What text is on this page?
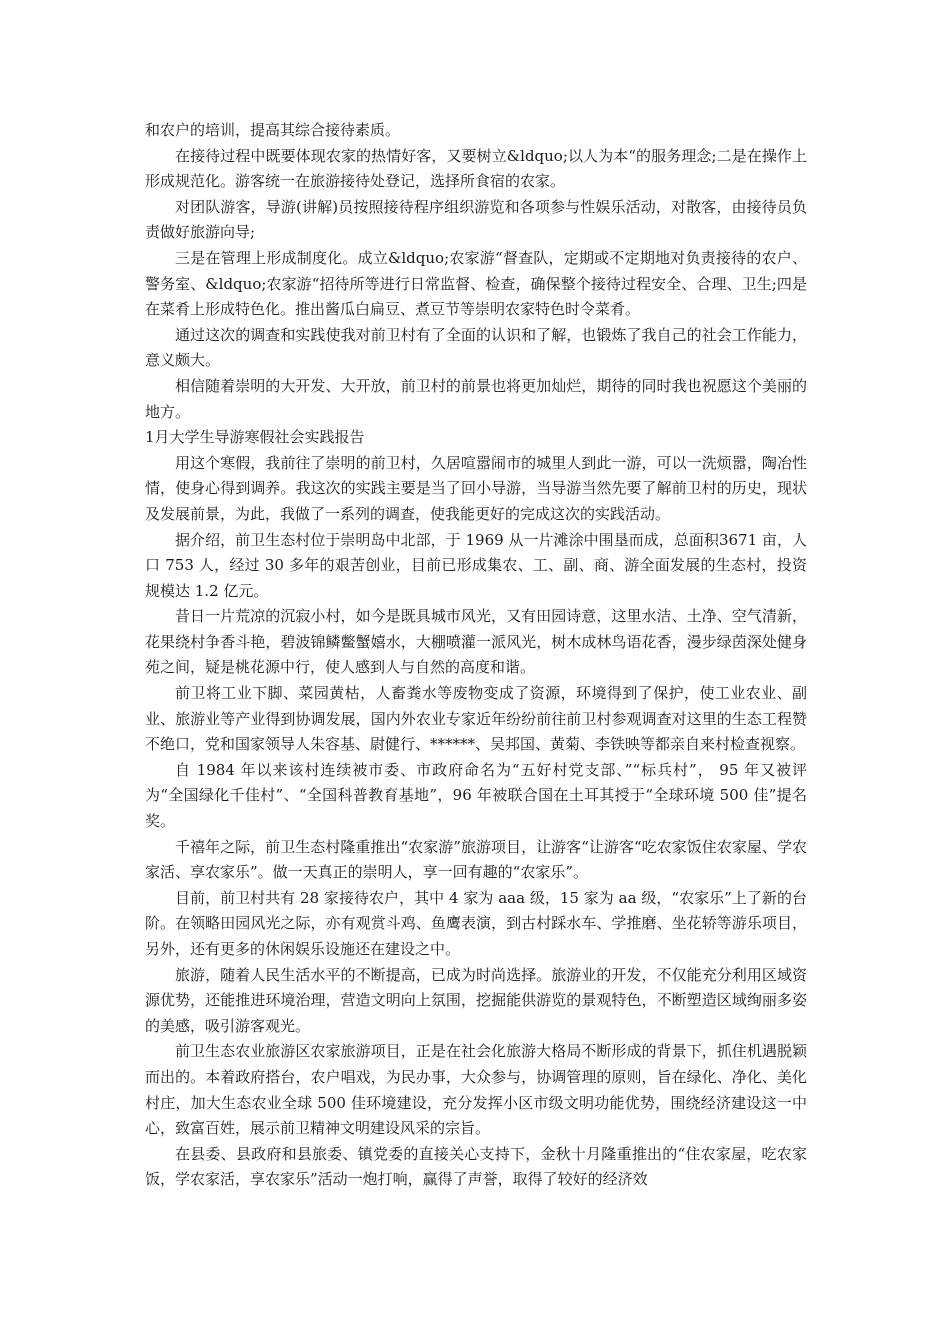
和农户的培训，提高其综合接待素质。

在接待过程中既要体现农家的热情好客，又要树立&ldquo;以人为本“的服务理念;二是在操作上形成规范化。游客统一在旅游接待处登记，选择所食宿的农家。

对团队游客，导游(讲解)员按照接待程序组织游览和各项参与性娱乐活动，对散客，由接待员负责做好旅游向导;

三是在管理上形成制度化。成立&ldquo;农家游“督查队，定期或不定期地对负责接待的农户、警务室、&ldquo;农家游“招待所等进行日常监督、检查，确保整个接待过程安全、合理、卫生;四是在菜肴上形成特色化。推出酱瓜白扁豆、煮豆节等崇明农家特色时令菜肴。

通过这次的调查和实践使我对前卫村有了全面的认识和了解，也锻炼了我自己的社会工作能力，意义颇大。

相信随着崇明的大开发、大开放，前卫村的前景也将更加灿烂，期待的同时我也祝愿这个美丽的地方。

1月大学生导游寒假社会实践报告

用这个寒假，我前往了崇明的前卫村，久居喧嚣闹市的城里人到此一游，可以一洗烦嚣，陶冶性情，使身心得到调养。我这次的实践主要是当了回小导游，当导游当然先要了解前卫村的历史，现状及发展前景，为此，我做了一系列的调查，使我能更好的完成这次的实践活动。

据介绍，前卫生态村位于崇明岛中北部，于 1969 从一片滩涂中围垦而成，总面积3671 亩，人口 753 人，经过 30 多年的艰苦创业，目前已形成集农、工、副、商、游全面发展的生态村，投资规模达 1.2 亿元。

昔日一片荒凉的沉寂小村，如今是既具城市风光，又有田园诗意，这里水洁、土净、空气清新，花果绕村争香斗艳，碧波锦鳞鳖蟹嬉水，大棚喷灌一派风光，树木成林鸟语花香，漫步绿茵深处健身苑之间，疑是桃花源中行，使人感到人与自然的高度和谐。

前卫将工业下脚、菜园黄枯，人畜粪水等废物变成了资源，环境得到了保护，使工业农业、副业、旅游业等产业得到协调发展，国内外农业专家近年纷纷前往前卫村参观调查对这里的生态工程赞不绝口，党和国家领导人朱容基、尉健行、******、吴邦国、黄菊、李铁映等都亲自来村检查视察。

自 1984 年以来该村连续被市委、市政府命名为“五好村党支部、”“标兵村”， 95 年又被评为“全国绿化千佳村”、“全国科普教育基地”，96 年被联合国在土耳其授于“全球环境 500 佳”提名奖。

千禧年之际，前卫生态村隆重推出“农家游”旅游项目，让游客“让游客“吃农家饭住农家屋、学农家活、享农家乐”。做一天真正的崇明人，享一回有趣的“农家乐”。

目前，前卫村共有 28 家接待农户，其中 4 家为 aaa 级，15 家为 aa 级，“农家乐”上了新的台阶。在领略田园风光之际，亦有观赏斗鸡、鱼鹰表演，到古村踩水车、学推磨、坐花轿等游乐项目，另外，还有更多的休闲娱乐设施还在建设之中。

旅游，随着人民生活水平的不断提高，已成为时尚选择。旅游业的开发，不仅能充分利用区域资源优势，还能推进环境治理，营造文明向上氛围，挖掘能供游览的景观特色，不断塑造区域绚丽多姿的美感，吸引游客观光。

前卫生态农业旅游区农家旅游项目，正是在社会化旅游大格局不断形成的背景下，抓住机遇脱颖而出的。本着政府搭台，农户唱戏，为民办事，大众参与，协调管理的原则，旨在绿化、净化、美化村庄，加大生态农业全球 500 佳环境建设，充分发挥小区市级文明功能优势，围绕经济建设这一中心，致富百姓，展示前卫精神文明建设风采的宗旨。

在县委、县政府和县旅委、镇党委的直接关心支持下，金秋十月隆重推出的“住农家屋，吃农家饭，学农家活，享农家乐”活动一炮打响，赢得了声誉，取得了较好的经济效
